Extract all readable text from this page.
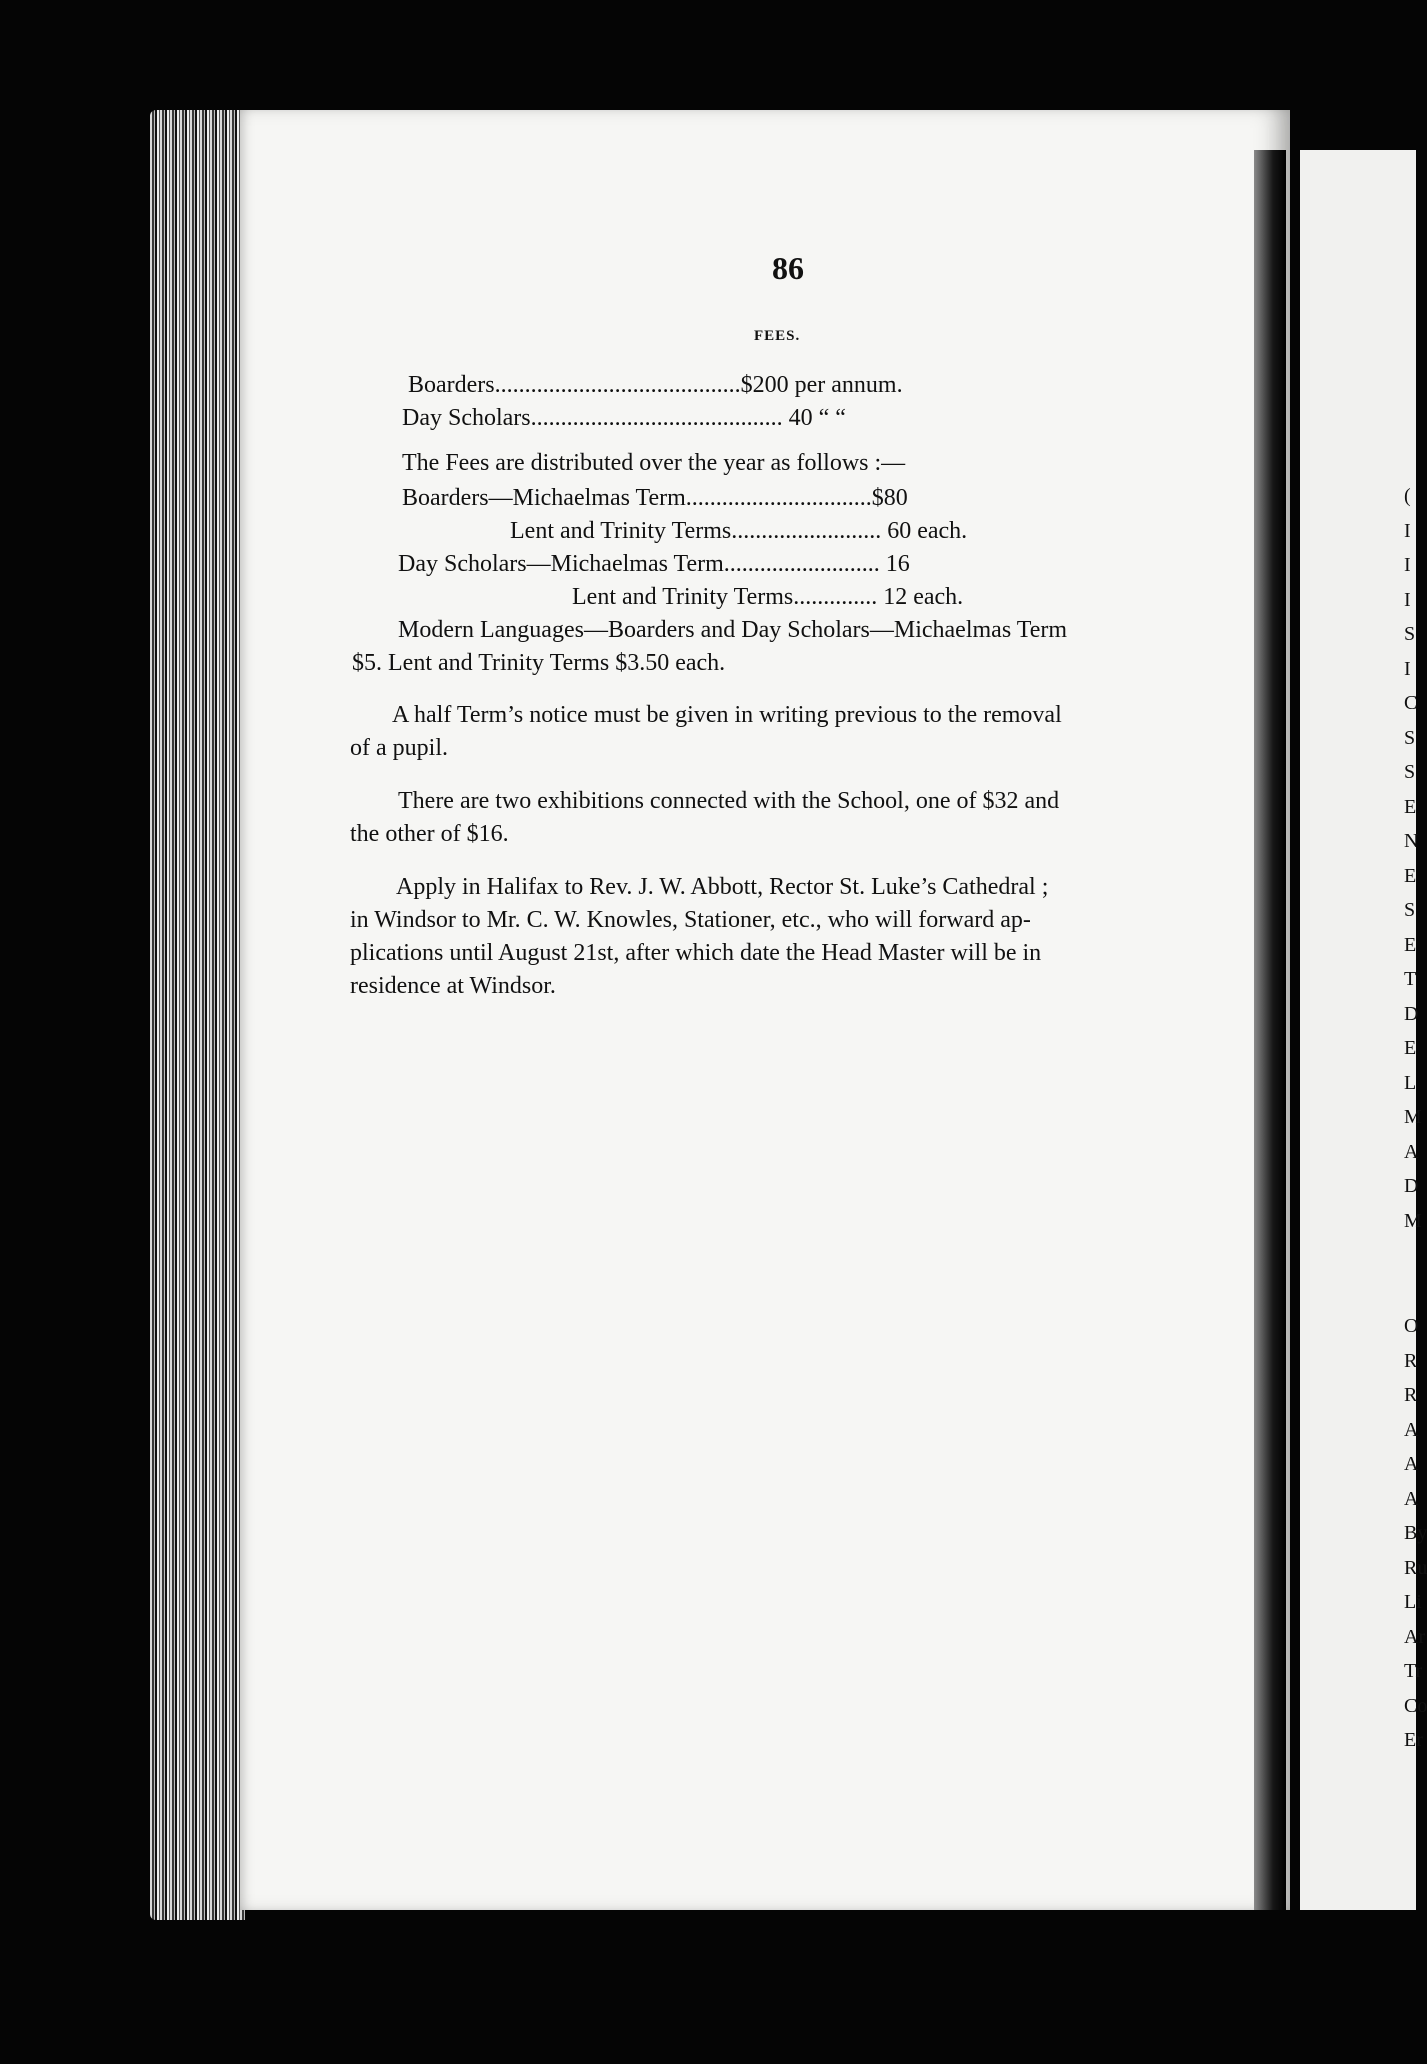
86
FEES.
Boarders.........................................$200 per annum.
Day Scholars.......................................... 40 “ “
The Fees are distributed over the year as follows :—
Boarders—Michaelmas Term...............................$80
Lent and Trinity Terms......................... 60 each.
Day Scholars—Michaelmas Term.......................... 16
Lent and Trinity Terms.............. 12 each.
Modern Languages—Boarders and Day Scholars—Michaelmas Term
$5. Lent and Trinity Terms $3.50 each.
A half Term’s notice must be given in writing previous to the removal
of a pupil.
There are two exhibitions connected with the School, one of $32 and
the other of $16.
Apply in Halifax to Rev. J. W. Abbott, Rector St. Luke’s Cathedral ;
in Windsor to Mr. C. W. Knowles, Stationer, etc., who will forward ap-
plications until August 21st, after which date the Head Master will be in
residence at Windsor.
(
I
I
I
S
I
C
S
S
E
N
E
S
E
T
D
E
L
M
A
D
M
O
R
R
A
A
A
By
Ru
Li
Ar
Tr
Co
Er
